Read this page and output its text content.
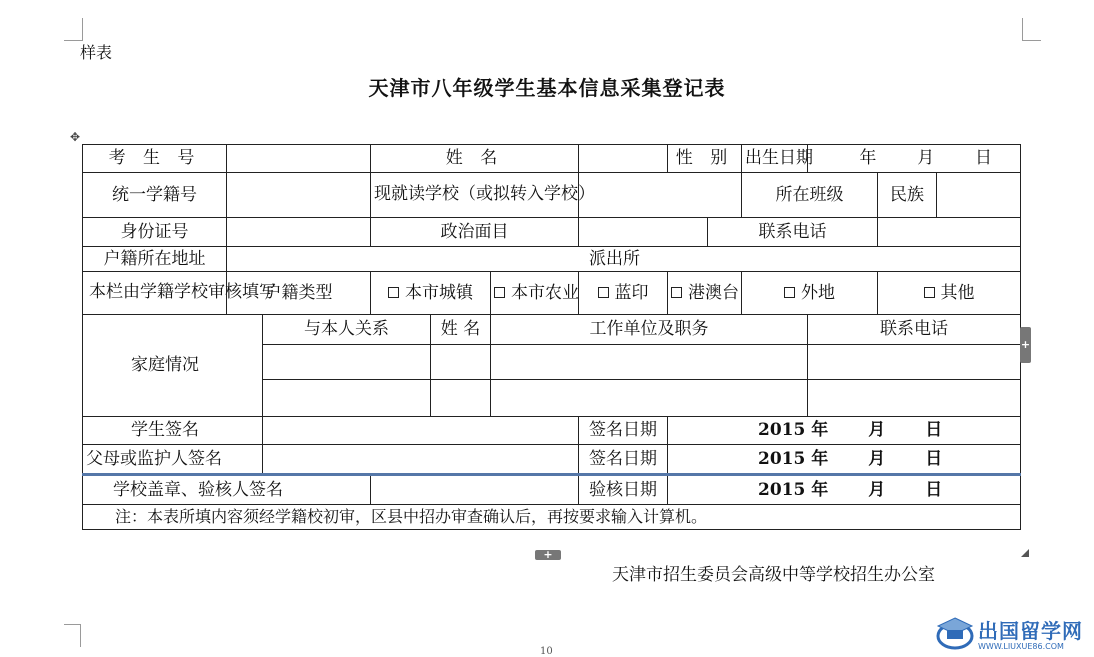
样表
天津市八年级学生基本信息采集登记表
✥
考 生 号			姓 名				性 别		出生日期	年 月 日		
统一学籍号			现就读学校（或拟转入学校）						所在班级		民族	
身份证号			政治面目					联系电话				
户籍所在地址	派出所											
本栏由学籍学校审核填写	户籍类型		本市城镇		本市农业	蓝印	港澳台		外地		其他	
家庭情况		与本人关系		姓 名	工作单位及职务					联系电话		

学生签名						签名日期	2015 年 月 日					
父母或监护人签名						签名日期	2015 年 月 日					
学校盖章、验核人签名						验核日期	2015 年 月 日					
注：本表所填内容须经学籍校初审，区县中招办审查确认后，再按要求输入计算机。												
+
+
天津市招生委员会高级中等学校招生办公室
10
出国留学网
WWW.LIUXUE86.COM
